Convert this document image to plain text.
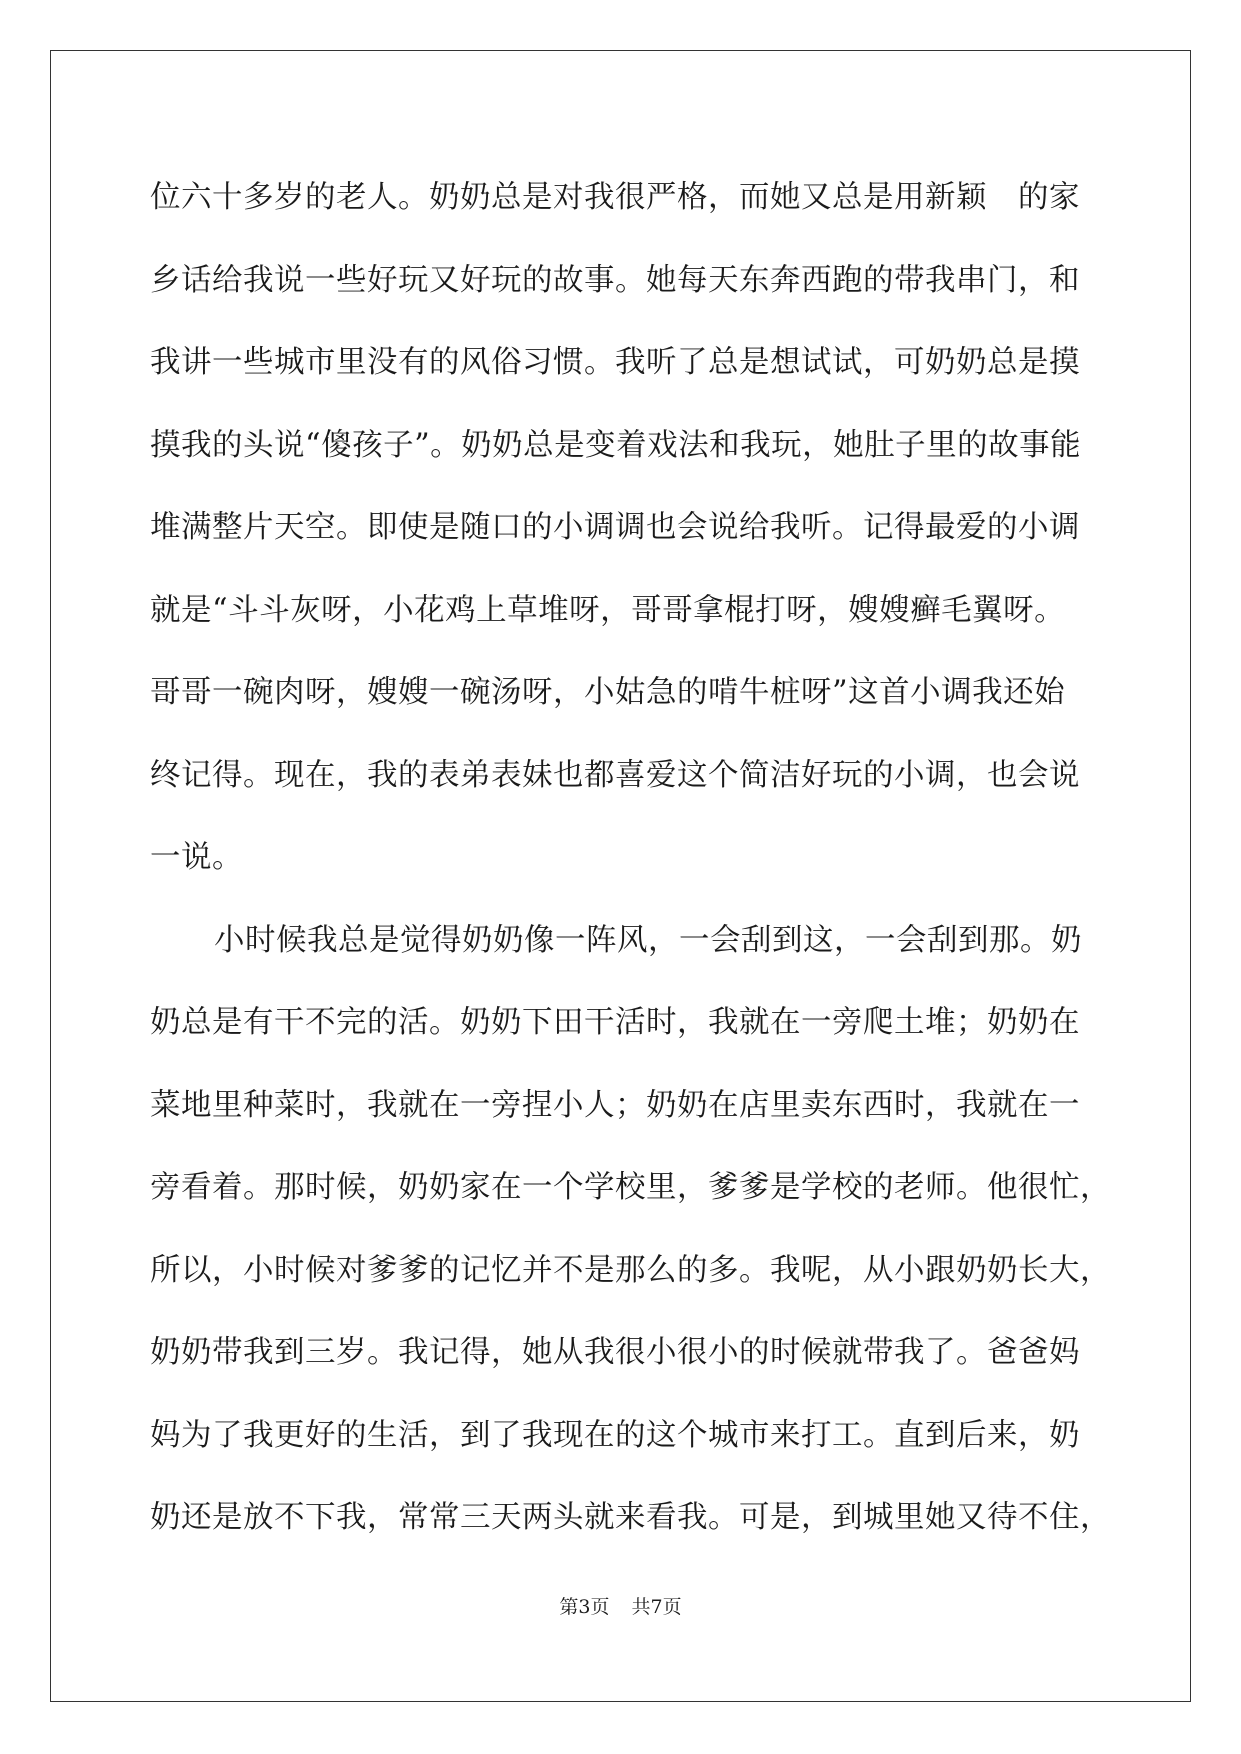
位六十多岁的老人。奶奶总是对我很严格，而她又总是用新颖　的家
乡话给我说一些好玩又好玩的故事。她每天东奔西跑的带我串门，和
我讲一些城市里没有的风俗习惯。我听了总是想试试，可奶奶总是摸
摸我的头说“傻孩子”。奶奶总是变着戏法和我玩，她肚子里的故事能
堆满整片天空。即使是随口的小调调也会说给我听。记得最爱的小调
就是“斗斗灰呀，小花鸡上草堆呀，哥哥拿棍打呀，嫂嫂癣毛翼呀。
哥哥一碗肉呀，嫂嫂一碗汤呀，小姑急的啃牛桩呀”这首小调我还始
终记得。现在，我的表弟表妹也都喜爱这个简洁好玩的小调，也会说
一说。
小时候我总是觉得奶奶像一阵风，一会刮到这，一会刮到那。奶
奶总是有干不完的活。奶奶下田干活时，我就在一旁爬土堆；奶奶在
菜地里种菜时，我就在一旁捏小人；奶奶在店里卖东西时，我就在一
旁看着。那时候，奶奶家在一个学校里，爹爹是学校的老师。他很忙，
所以，小时候对爹爹的记忆并不是那么的多。我呢，从小跟奶奶长大，
奶奶带我到三岁。我记得，她从我很小很小的时候就带我了。爸爸妈
妈为了我更好的生活，到了我现在的这个城市来打工。直到后来，奶
奶还是放不下我，常常三天两头就来看我。可是，到城里她又待不住，
第3页 共7页
